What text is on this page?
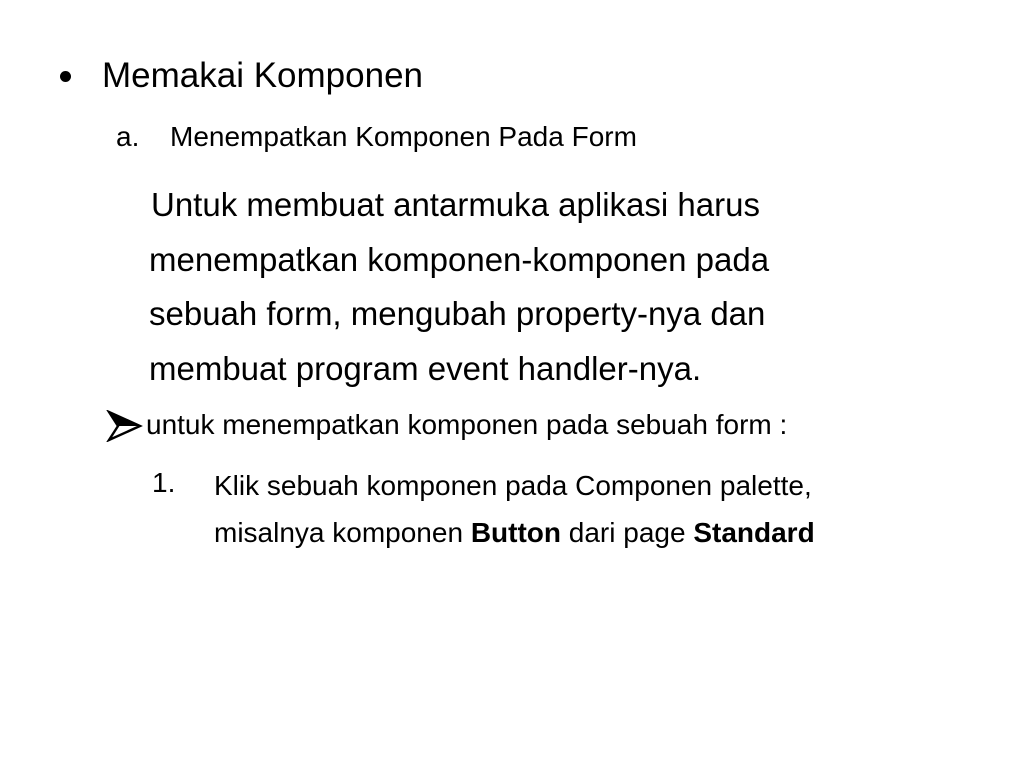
Memakai Komponen
a. Menempatkan Komponen Pada Form
Untuk membuat antarmuka aplikasi harus
menempatkan komponen-komponen pada
sebuah form, mengubah property-nya dan
membuat program event handler-nya.
untuk menempatkan komponen pada sebuah form :
1. Klik sebuah komponen pada Componen palette,
misalnya komponen Button dari page Standard
